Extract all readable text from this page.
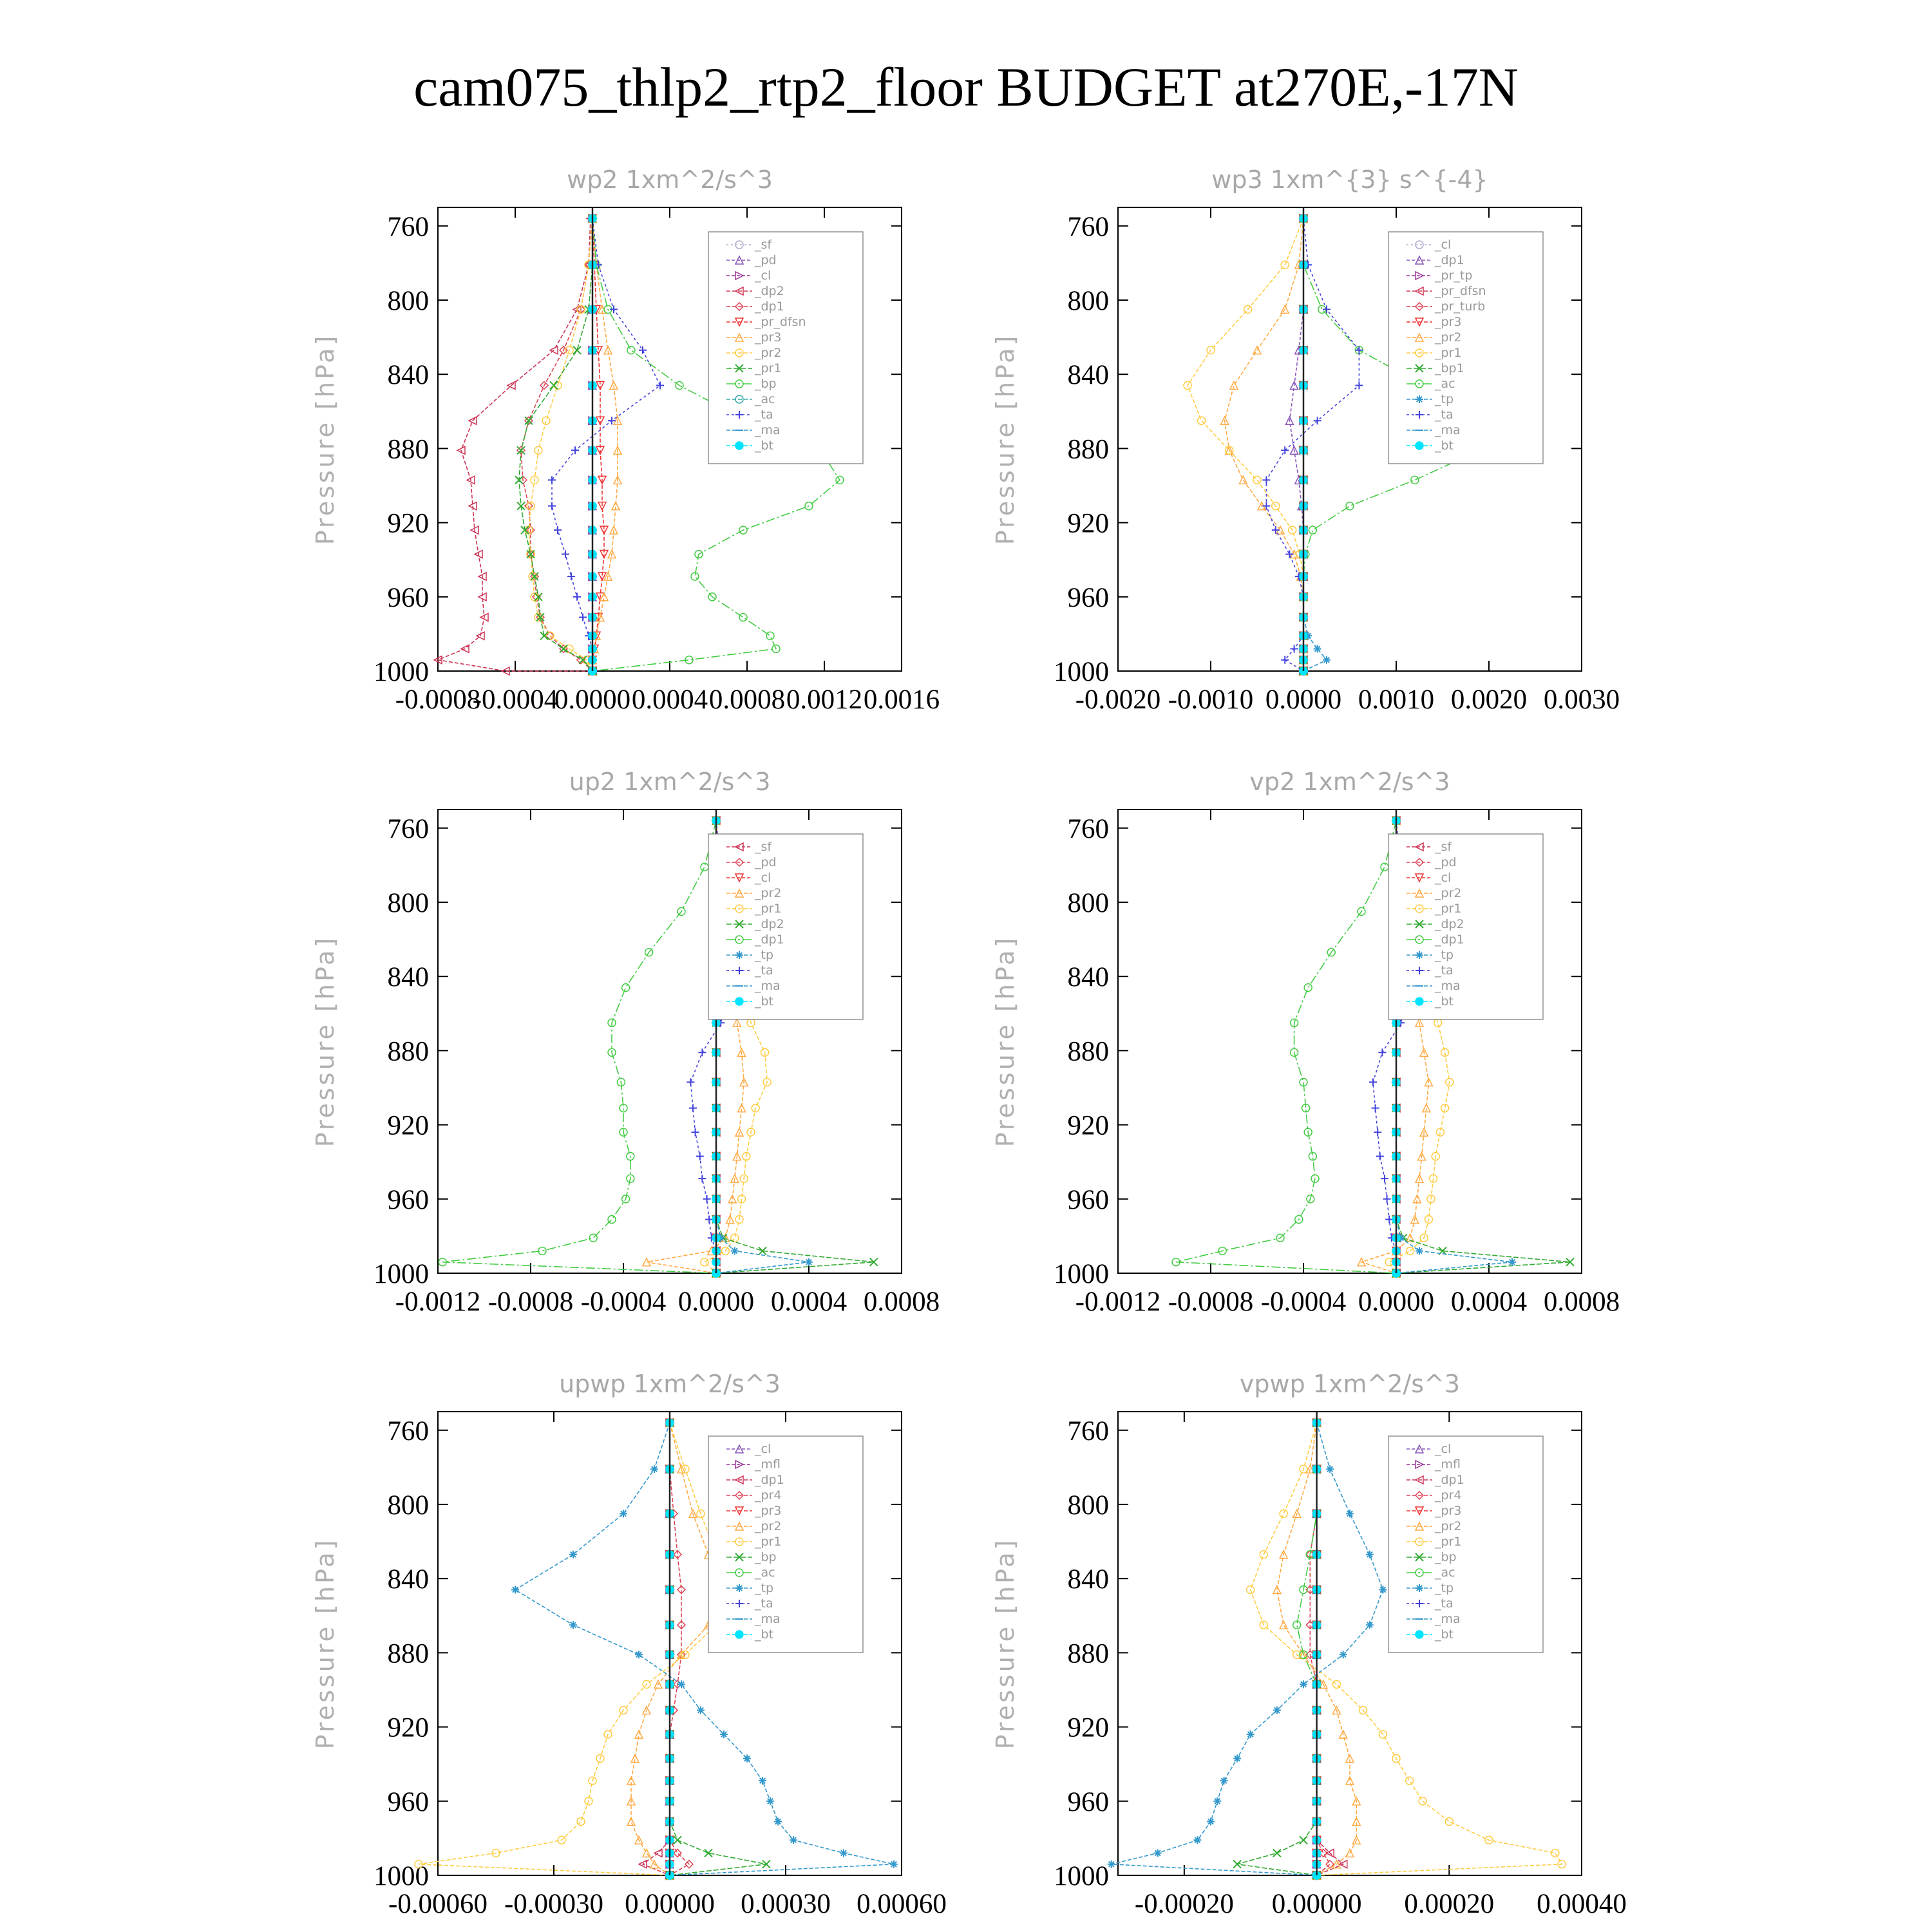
cam075_thlp2_rtp2_floor BUDGET at270E,-17N
wp2 1xm^2/s^3
Pressure [hPa]
-0.0008
-0.0004
0.0000 0.0004 0.0008 0.0012 0.0016
760
800
840
880
920
960
1000
_sf
_pd
_cl
_dp2
_dp1
_pr_dfsn
_pr3
_pr2
_pr1
_bp
_ac
_ta
_ma
_bt
wp3 1xm^{3} s^{-4}
Pressure [hPa]
-0.0020 -0.0010 0.0000 0.0010 0.0020 0.0030
760
800
840
880
920
960
1000
_cl
_dp1
_pr_tp
_pr_dfsn
_pr_turb
_pr3
_pr2
_pr1
_bp1
_ac
_tp
_ta
_ma
_bt
up2 1xm^2/s^3
Pressure [hPa]
-0.0012 -0.0008 -0.0004 0.0000 0.0004 0.0008
760
800
840
880
920
960
1000
_sf
_pd
_cl
_pr2
_pr1
_dp2
_dp1
_tp
_ta
_ma
_bt
vp2 1xm^2/s^3
Pressure [hPa]
-0.0012 -0.0008 -0.0004 0.0000 0.0004 0.0008
760
800
840
880
920
960
1000
_sf
_pd
_cl
_pr2
_pr1
_dp2
_dp1
_tp
_ta
_ma
_bt
upwp 1xm^2/s^3
Pressure [hPa]
-0.00060 -0.00030 0.00000 0.00030 0.00060
760
800
840
880
920
960
1000
_cl
_mfl
_dp1
_pr4
_pr3
_pr2
_pr1
_bp
_ac
_tp
_ta
_ma
_bt
vpwp 1xm^2/s^3
Pressure [hPa]
-0.00020 0.00000 0.00020 0.00040
760
800
840
880
920
960
1000
_cl
_mfl
_dp1
_pr4
_pr3
_pr2
_pr1
_bp
_ac
_tp
_ta
_ma
_bt
